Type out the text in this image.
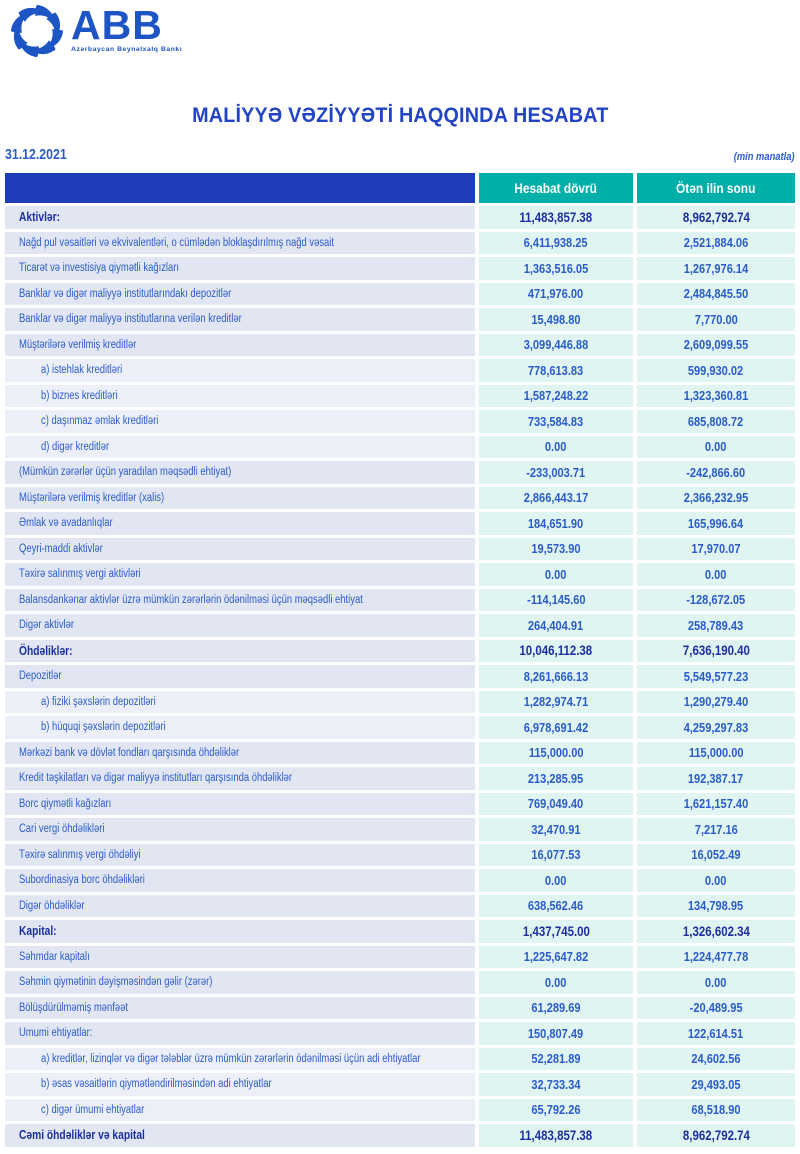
ABB
Azərbaycan Beynəlxalq Bankı
MALİYYƏ VƏZİYYƏTİ HAQQINDA HESABAT
31.12.2021	(min manatla)
Hesabat dövrü	Ötən ilin sonu
Aktivlər:	11,483,857.38	8,962,792.74
Nağd pul vəsaitləri və ekvivalentləri, o cümlədən bloklaşdırılmış nağd vəsait	6,411,938.25	2,521,884.06
Ticarət və investisiya qiymətli kağızları	1,363,516.05	1,267,976.14
Banklar və digər maliyyə institutlarındakı depozitlər	471,976.00	2,484,845.50
Banklar və digər maliyyə institutlarına verilən kreditlər	15,498.80	7,770.00
Müştərilərə verilmiş kreditlər	3,099,446.88	2,609,099.55
a) istehlak kreditləri	778,613.83	599,930.02
b) biznes kreditləri	1,587,248.22	1,323,360.81
c) daşınmaz əmlak kreditləri	733,584.83	685,808.72
d) digər kreditlər	0.00	0.00
(Mümkün zərərlər üçün yaradılan məqsədli ehtiyat)	-233,003.71	-242,866.60
Müştərilərə verilmiş kreditlər (xalis)	2,866,443.17	2,366,232.95
Əmlak və avadanlıqlar	184,651.90	165,996.64
Qeyri-maddi aktivlər	19,573.90	17,970.07
Təxirə salınmış vergi aktivləri	0.00	0.00
Balansdankənar aktivlər üzrə mümkün zərərlərin ödənilməsi üçün məqsədli ehtiyat	-114,145.60	-128,672.05
Digər aktivlər	264,404.91	258,789.43
Öhdəliklər:	10,046,112.38	7,636,190.40
Depozitlər	8,261,666.13	5,549,577.23
a) fiziki şəxslərin depozitləri	1,282,974.71	1,290,279.40
b) hüquqi şəxslərin depozitləri	6,978,691.42	4,259,297.83
Mərkəzi bank və dövlət fondları qarşısında öhdəliklər	115,000.00	115,000.00
Kredit təşkilatları və digər maliyyə institutları qarşısında öhdəliklər	213,285.95	192,387.17
Borc qiymətli kağızları	769,049.40	1,621,157.40
Cari vergi öhdəlikləri	32,470.91	7,217.16
Təxirə salınmış vergi öhdəliyi	16,077.53	16,052.49
Subordinasiya borc öhdəlikləri	0.00	0.00
Digər öhdəliklər	638,562.46	134,798.95
Kapital:	1,437,745.00	1,326,602.34
Səhmdar kapitalı	1,225,647.82	1,224,477.78
Səhmin qiymətinin dəyişməsindən gəlir (zərər)	0.00	0.00
Bölüşdürülməmiş mənfəət	61,289.69	-20,489.95
Ümumi ehtiyatlar:	150,807.49	122,614.51
a) kreditlər, lizinqlər və digər tələblər üzrə mümkün zərərlərin ödənilməsi üçün adi ehtiyatlar	52,281.89	24,602.56
b) əsas vəsaitlərin qiymətləndirilməsindən adi ehtiyatlar	32,733.34	29,493.05
c) digər ümumi ehtiyatlar	65,792.26	68,518.90
Cəmi öhdəliklər və kapital	11,483,857.38	8,962,792.74
